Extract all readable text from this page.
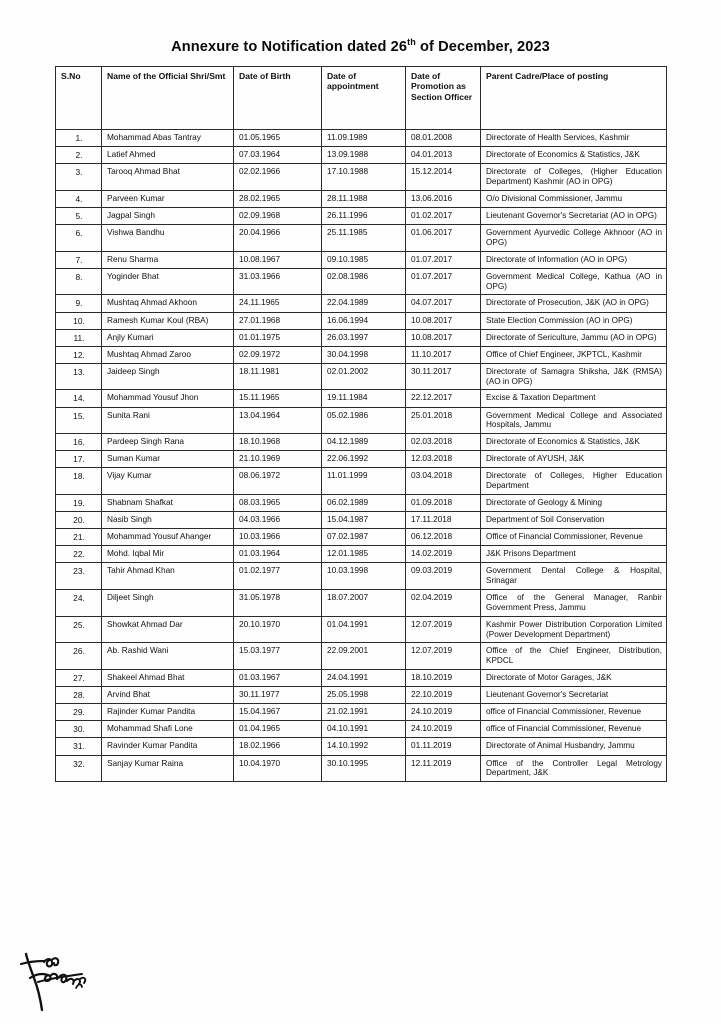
Annexure to Notification dated 26th of December, 2023
S.No	Name of the Official Shri/Smt	Date of Birth	Date of appointment	Date of Promotion as Section Officer	Parent Cadre/Place of posting
1.	Mohammad Abas Tantray	01.05.1965	11.09.1989	08.01.2008	Directorate of Health Services, Kashmir
2.	Latief Ahmed	07.03.1964	13.09.1988	04.01.2013	Directorate of Economics & Statistics, J&K
3.	Tarooq Ahmad Bhat	02.02.1966	17.10.1988	15.12.2014	Directorate of Colleges, (Higher Education Department) Kashmir (AO in OPG)
4.	Parveen Kumar	28.02.1965	28.11.1988	13.06.2016	O/o Divisional Commissioner, Jammu
5.	Jagpal Singh	02.09.1968	26.11.1996	01.02.2017	Lieutenant Governor's Secretariat (AO in OPG)
6.	Vishwa Bandhu	20.04.1966	25.11.1985	01.06.2017	Government Ayurvedic College Akhnoor (AO in OPG)
7.	Renu Sharma	10.08.1967	09.10.1985	01.07.2017	Directorate of Information (AO in OPG)
8.	Yoginder Bhat	31.03.1966	02.08.1986	01.07.2017	Government Medical College, Kathua (AO in OPG)
9.	Mushtaq Ahmad Akhoon	24.11.1965	22.04.1989	04.07.2017	Directorate of Prosecution, J&K (AO in OPG)
10.	Ramesh Kumar Koul (RBA)	27.01.1968	16.06.1994	10.08.2017	State Election Commission (AO in OPG)
11.	Anjly Kumari	01.01.1975	26.03.1997	10.08.2017	Directorate of Sericulture, Jammu (AO in OPG)
12.	Mushtaq Ahmad Zaroo	02.09.1972	30.04.1998	11.10.2017	Office of Chief Engineer, JKPTCL, Kashmir
13.	Jaideep Singh	18.11.1981	02.01.2002	30.11.2017	Directorate of Samagra Shiksha, J&K (RMSA) (AO in OPG)
14.	Mohammad Yousuf Jhon	15.11.1965	19.11.1984	22.12.2017	Excise & Taxation Department
15.	Sunita Rani	13.04.1964	05.02.1986	25.01.2018	Government Medical College and Associated Hospitals, Jammu
16.	Pardeep Singh Rana	18.10.1968	04.12.1989	02.03.2018	Directorate of Economics & Statistics, J&K
17.	Suman Kumar	21.10.1969	22.06.1992	12.03.2018	Directorate of AYUSH, J&K
18.	Vijay Kumar	08.06.1972	11.01.1999	03.04.2018	Directorate of Colleges, Higher Education Department
19.	Shabnam Shafkat	08.03.1965	06.02.1989	01.09.2018	Directorate of Geology & Mining
20.	Nasib Singh	04.03.1966	15.04.1987	17.11.2018	Department of Soil Conservation
21.	Mohammad Yousuf Ahanger	10.03.1966	07.02.1987	06.12.2018	Office of Financial Commissioner, Revenue
22.	Mohd. Iqbal Mir	01.03.1964	12.01.1985	14.02.2019	J&K Prisons Department
23.	Tahir Ahmad Khan	01.02.1977	10.03.1998	09.03.2019	Government Dental College & Hospital, Srinagar
24.	Diljeet Singh	31.05.1978	18.07.2007	02.04.2019	Office of the General Manager, Ranbir Government Press, Jammu
25.	Showkat Ahmad Dar	20.10.1970	01.04.1991	12.07.2019	Kashmir Power Distribution Corporation Limited (Power Development Department)
26.	Ab. Rashid Wani	15.03.1977	22.09.2001	12.07.2019	Office of the Chief Engineer, Distribution, KPDCL
27.	Shakeel Ahmad Bhat	01.03.1967	24.04.1991	18.10.2019	Directorate of Motor Garages, J&K
28.	Arvind Bhat	30.11.1977	25.05.1998	22.10.2019	Lieutenant Governor's Secretariat
29.	Rajinder Kumar Pandita	15.04.1967	21.02.1991	24.10.2019	office of Financial Commissioner, Revenue
30.	Mohammad Shafi Lone	01.04.1965	04.10.1991	24.10.2019	office of Financial Commissioner, Revenue
31.	Ravinder Kumar Pandita	18.02.1966	14.10.1992	01.11.2019	Directorate of Animal Husbandry, Jammu
32.	Sanjay Kumar Raina	10.04.1970	30.10.1995	12.11.2019	Office of the Controller Legal Metrology Department, J&K
